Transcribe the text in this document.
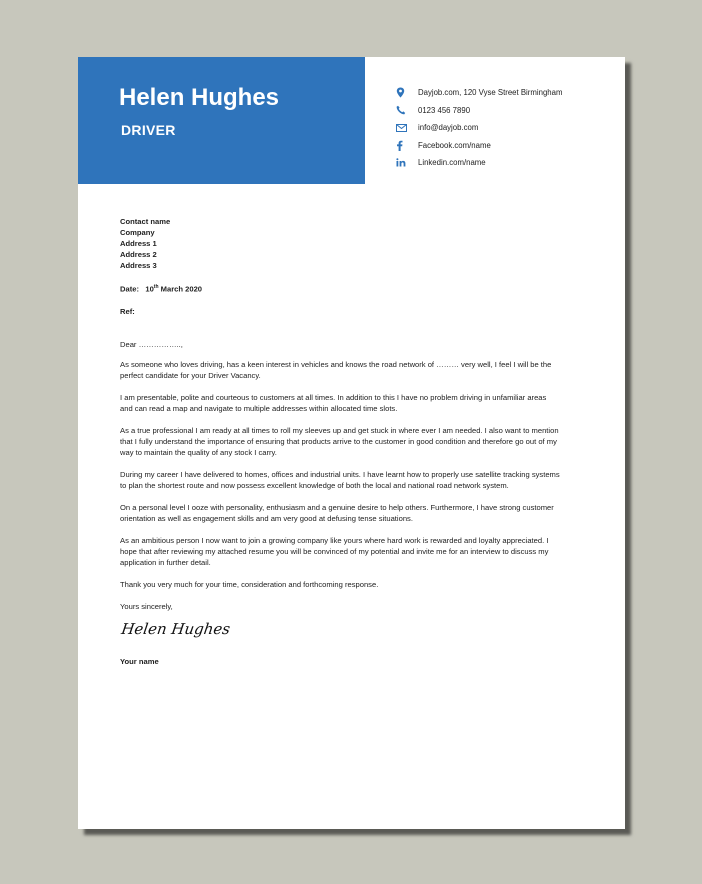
Helen Hughes
DRIVER
Dayjob.com, 120 Vyse Street Birmingham
0123 456 7890
info@dayjob.com
Facebook.com/name
Linkedin.com/name
Contact name
Company
Address 1
Address 2
Address 3
Date: 10th March 2020
Ref:
Dear ……………..,
As someone who loves driving, has a keen interest in vehicles and knows the road network of ……… very well, I feel I will be the perfect candidate for your Driver Vacancy.
I am presentable, polite and courteous to customers at all times. In addition to this I have no problem driving in unfamiliar areas and can read a map and navigate to multiple addresses within allocated time slots.
As a true professional I am ready at all times to roll my sleeves up and get stuck in where ever I am needed. I also want to mention that I fully understand the importance of ensuring that products arrive to the customer in good condition and therefore go out of my way to maintain the quality of any stock I carry.
During my career I have delivered to homes, offices and industrial units. I have learnt how to properly use satellite tracking systems to plan the shortest route and now possess excellent knowledge of both the local and national road network system.
On a personal level I ooze with personality, enthusiasm and a genuine desire to help others. Furthermore, I have strong customer orientation as well as engagement skills and am very good at defusing tense situations.
As an ambitious person I now want to join a growing company like yours where hard work is rewarded and loyalty appreciated. I hope that after reviewing my attached resume you will be convinced of my potential and invite me for an interview to discuss my application in further detail.
Thank you very much for your time, consideration and forthcoming response.
Yours sincerely,
Helen Hughes
Your name
